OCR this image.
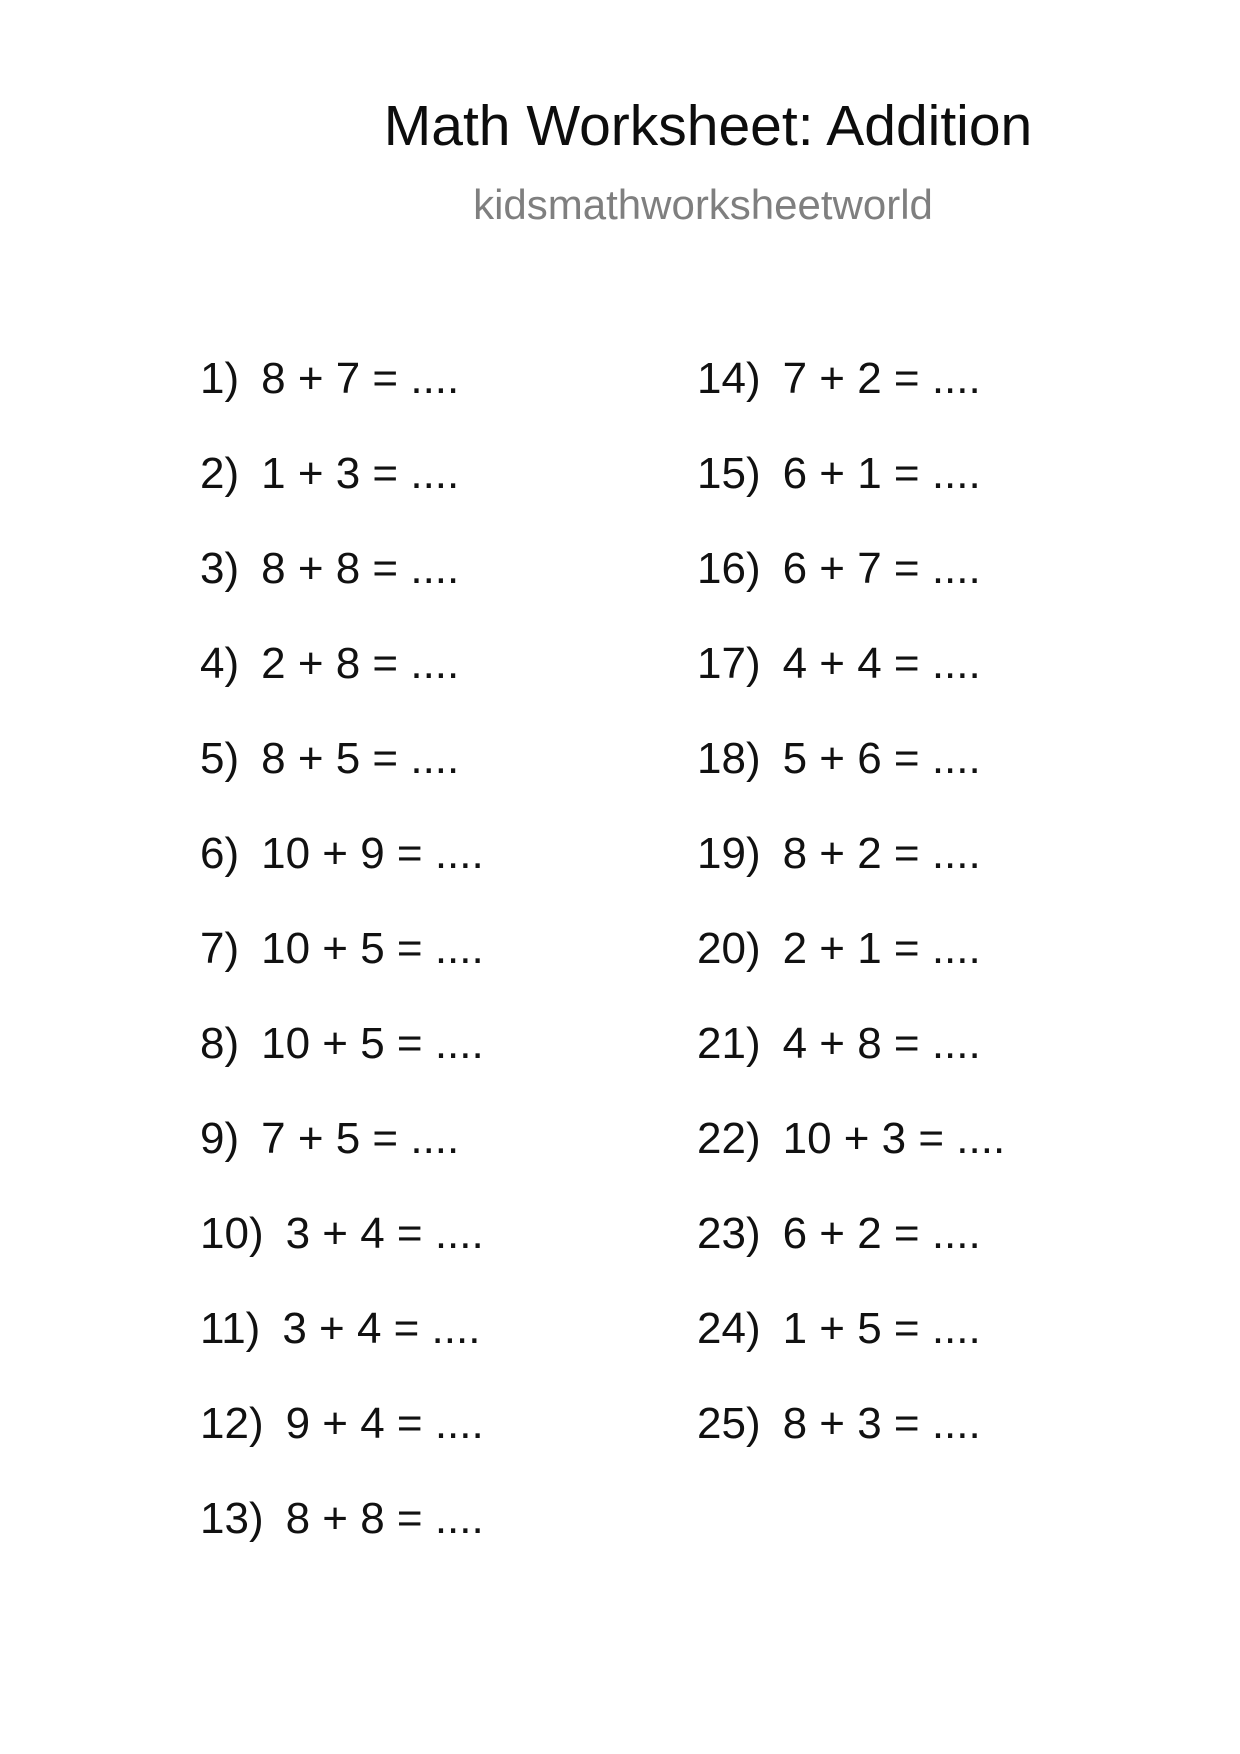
Math Worksheet: Addition
kidsmathworksheetworld
1) 8 + 7 = ....
2) 1 + 3 = ....
3) 8 + 8 = ....
4) 2 + 8 = ....
5) 8 + 5 = ....
6) 10 + 9 = ....
7) 10 + 5 = ....
8) 10 + 5 = ....
9) 7 + 5 = ....
10) 3 + 4 = ....
11) 3 + 4 = ....
12) 9 + 4 = ....
13) 8 + 8 = ....
14) 7 + 2 = ....
15) 6 + 1 = ....
16) 6 + 7 = ....
17) 4 + 4 = ....
18) 5 + 6 = ....
19) 8 + 2 = ....
20) 2 + 1 = ....
21) 4 + 8 = ....
22) 10 + 3 = ....
23) 6 + 2 = ....
24) 1 + 5 = ....
25) 8 + 3 = ....
